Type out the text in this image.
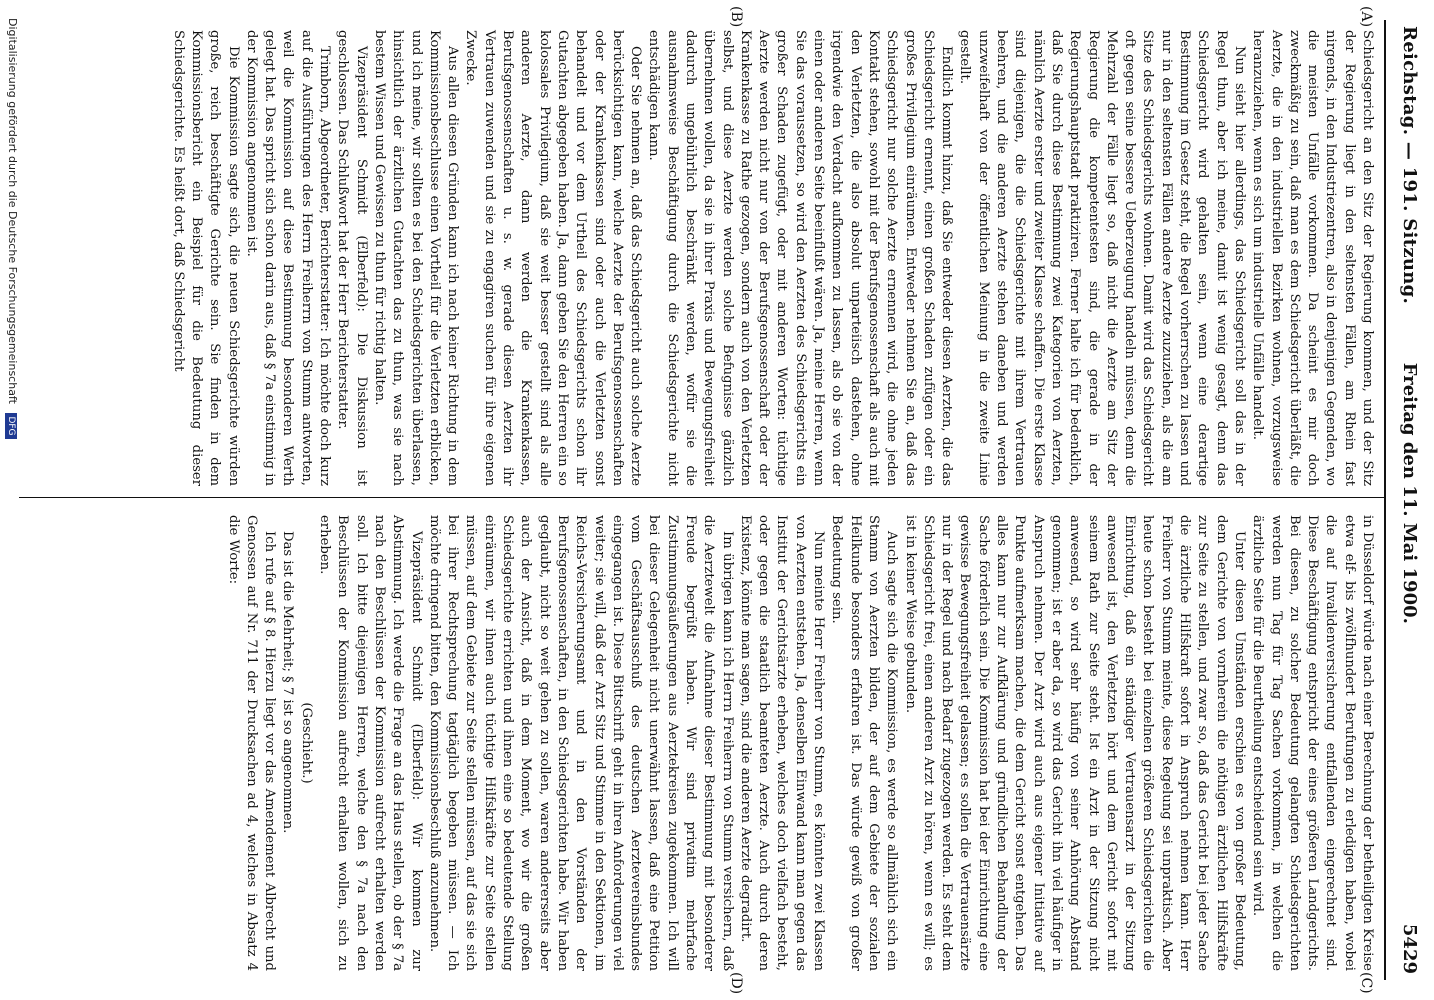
Reichstag. — 191. Sitzung.
Freitag den 11. Mai 1900.5429
(A)
(B)
(C)
(D)

Schiedsgericht an den Sitz der Regierung kommen, und der Sitz der Regierung liegt in den seltensten Fällen, am Rhein fast nirgends, in den Industriezentren, also in denjenigen Gegenden, wo die meisten Unfälle vorkommen. Da scheint es mir doch zweckmäßig zu sein, daß man es dem Schiedsgericht überläßt, die Aerzte, die in den industriellen Bezirken wohnen, vorzugsweise heranzuziehen, wenn es sich um industrielle Unfälle handelt.

Nun sieht hier allerdings, das Schiedsgericht soll das in der Regel thun, aber ich meine, damit ist wenig gesagt, denn das Schiedsgericht wird gehalten sein, wenn eine derartige Bestimmung im Gesetz steht, die Regel vorherrschen zu lassen und nur in den seltensten Fällen andere Aerzte zuzuziehen, als die am Sitze des Schiedsgerichts wohnen. Damit wird das Schiedsgericht oft gegen seine bessere Ueberzeugung handeln müssen, denn die Mehrzahl der Fälle liegt so, daß nicht die Aerzte am Sitz der Regierung die kompetentesten sind, die gerade in der Regierungshauptstadt praktiziren. Ferner halte ich für bedenklich, daß Sie durch diese Bestimmung zwei Kategorien von Aerzten, nämlich Aerzte erster und zweiter Klasse schaffen. Die erste Klasse sind diejenigen, die die Schiedsgerichte mit ihrem Vertrauen beehren, und die anderen Aerzte stehen daneben und werden unzweifelhaft von der öffentlichen Meinung in die zweite Linie gestellt.

Endlich kommt hinzu, daß Sie entweder diesen Aerzten, die das Schiedsgericht ernennt, einen großen Schaden zufügen oder ein großes Privilegium einräumen. Entweder nehmen Sie an, daß das Schiedsgericht nur solche Aerzte ernennen wird, die ohne jeden Kontakt stehen, sowohl mit der Berufsgenossenschaft als auch mit den Verletzten, die also absolut unparteiisch dastehen, ohne irgendwie den Verdacht aufkommen zu lassen, als ob sie von der einen oder anderen Seite beeinflußt wären. Ja, meine Herren, wenn Sie das voraussetzen, so wird den Aerzten des Schiedsgerichts ein großer Schaden zugefügt, oder mit anderen Worten: tüchtige Aerzte werden nicht nur von der Berufsgenossenschaft oder der Krankenkasse zu Rathe gezogen, sondern auch von den Verletzten selbst, und diese Aerzte werden solche Befugnisse gänzlich übernehmen wollen, da sie in ihrer Praxis und Bewegungsfreiheit dadurch ungebührlich beschränkt werden, wofür sie die ausnahmsweise Beschäftigung durch die Schiedsgerichte nicht entschädigen kann.

Oder Sie nehmen an, daß das Schiedsgericht auch solche Aerzte berücksichtigen kann, welche Aerzte der Berufsgenossenschaften oder der Krankenkassen sind oder auch die Verletzten sonst behandelt und vor dem Urtheil des Schiedsgerichts schon ihr Gutachten abgegeben haben. Ja, dann geben Sie den Herren ein so kolossales Privilegium, daß sie weit besser gestellt sind als alle anderen Aerzte, dann werden die Krankenkassen, Berufsgenossenschaften u. s. w. gerade diesen Aerzten ihr Vertrauen zuwenden und sie zu engagiren suchen für ihre eigenen Zwecke.

Aus allen diesen Gründen kann ich nach keiner Richtung in dem Kommissionsbeschlusse einen Vortheil für die Verletzten erblicken, und ich meine, wir sollten es bei den Schiedsgerichten überlassen, hinsichtlich der ärztlichen Gutachten das zu thun, was sie nach bestem Wissen und Gewissen zu thun für richtig halten.

Vizepräsident Schmidt (Elberfeld): Die Diskussion ist geschlossen. Das Schlußwort hat der Herr Berichterstatter.

Trimborn, Abgeordneter, Berichterstatter: Ich möchte doch kurz auf die Ausführungen des Herrn Freiherrn von Stumm antworten, weil die Kommission auf diese Bestimmung besonderen Werth gelegt hat. Das spricht sich schon darin aus, daß § 7a einstimmig in der Kommission angenommen ist.

Die Kommission sagte sich, die neuen Schiedsgerichte würden große, reich beschäftigte Gerichte sein. Sie finden in dem Kommissionsbericht ein Beispiel für die Bedeutung dieser Schiedsgerichte. Es heißt dort, daß Schiedsgericht

in Düsseldorf würde nach einer Berechnung der betheiligten Kreise etwa elf- bis zwölfhundert Berufungen zu erledigen haben, wobei die auf Invalidenversicherung entfallenden eingerechnet sind. Diese Beschäftigung entspricht der eines größeren Landgerichts. Bei diesen, zu solcher Bedeutung gelangten Schiedsgerichten werden nun Tag für Tag Sachen vorkommen, in welchen die ärztliche Seite für die Beurtheilung entscheidend sein wird.

Unter diesen Umständen erschien es von großer Bedeutung, dem Gerichte von vornherein die nöthigen ärztlichen Hilfskräfte zur Seite zu stellen, und zwar so, daß das Gericht bei jeder Sache die ärztliche Hilfskraft sofort in Anspruch nehmen kann. Herr Freiherr von Stumm meinte, diese Regelung sei unpraktisch. Aber heute schon besteht bei einzelnen größeren Schiedsgerichten die Einrichtung, daß ein ständiger Vertrauensarzt in der Sitzung anwesend ist, den Verletzten hört und dem Gericht sofort mit seinem Rath zur Seite steht. Ist ein Arzt in der Sitzung nicht anwesend, so wird sehr häufig von seiner Anhörung Abstand genommen; ist er aber da, so wird das Gericht ihn viel häufiger in Anspruch nehmen. Der Arzt wird auch aus eigener Initiative auf Punkte aufmerksam machen, die dem Gericht sonst entgehen. Das alles kann nur zur Aufklärung und gründlichen Behandlung der Sache förderlich sein. Die Kommission hat bei der Einrichtung eine gewisse Bewegungsfreiheit gelassen; es sollen die Vertrauensärzte nur in der Regel und nach Bedarf zugezogen werden. Es steht dem Schiedsgericht frei, einen anderen Arzt zu hören, wenn es will; es ist in keiner Weise gebunden.

Auch sagte sich die Kommission, es werde so allmählich sich ein Stamm von Aerzten bilden, der auf dem Gebiete der sozialen Heilkunde besonders erfahren ist. Das würde gewiß von großer Bedeutung sein.

Nun meinte Herr Freiherr von Stumm, es könnten zwei Klassen von Aerzten entstehen. Ja, denselben Einwand kann man gegen das Institut der Gerichtsärzte erheben, welches doch vielfach besteht, oder gegen die staatlich beamteten Aerzte. Auch durch deren Existenz, könnte man sagen, sind die anderen Aerzte degradirt.

Im übrigen kann ich Herrn Freiherrn von Stumm versichern, daß die Aerztewelt die Aufnahme dieser Bestimmung mit besonderer Freude begrüßt haben. Wir sind privatim mehrfache Zustimmungsäußerungen aus Aerztekreisen zugekommen. Ich will bei dieser Gelegenheit nicht unerwähnt lassen, daß eine Petition vom Geschäftsausschuß des deutschen Aerztevereinsbundes eingegangen ist. Diese Bittschrift geht in ihren Anforderungen viel weiter; sie will, daß der Arzt Sitz und Stimme in den Sektionen, im Reichs-Versicherungsamt und in den Vorständen der Berufsgenossenschaften, in den Schiedsgerichten habe. Wir haben geglaubt, nicht so weit gehen zu sollen, waren andererseits aber auch der Ansicht, daß in dem Moment, wo wir die großen Schiedsgerichte errichten und ihnen eine so bedeutende Stellung einräumen, wir ihnen auch tüchtige Hilfskräfte zur Seite stellen müssen, auf dem Gebiete zur Seite stellen müssen, auf das sie sich bei ihrer Rechtsprechung tagtäglich begeben müssen. — Ich möchte dringend bitten, den Kommissionsbeschluß anzunehmen.

Vizepräsident Schmidt (Elberfeld): Wir kommen zur Abstimmung. Ich werde die Frage an das Haus stellen, ob der § 7a nach den Beschlüssen der Kommission aufrecht erhalten werden soll. Ich bitte diejenigen Herren, welche den § 7a nach den Beschlüssen der Kommission aufrecht erhalten wollen, sich zu erheben.

(Geschieht.)

Das ist die Mehrheit; § 7 ist so angenommen.

Ich rufe auf § 8. Hierzu liegt vor das Amendement Albrecht und Genossen auf Nr. 711 der Drucksachen ad 4, welches in Absatz 4 die Worte:

Digitalisierung gefördert durch die Deutsche Forschungsgemeinschaft DFG
